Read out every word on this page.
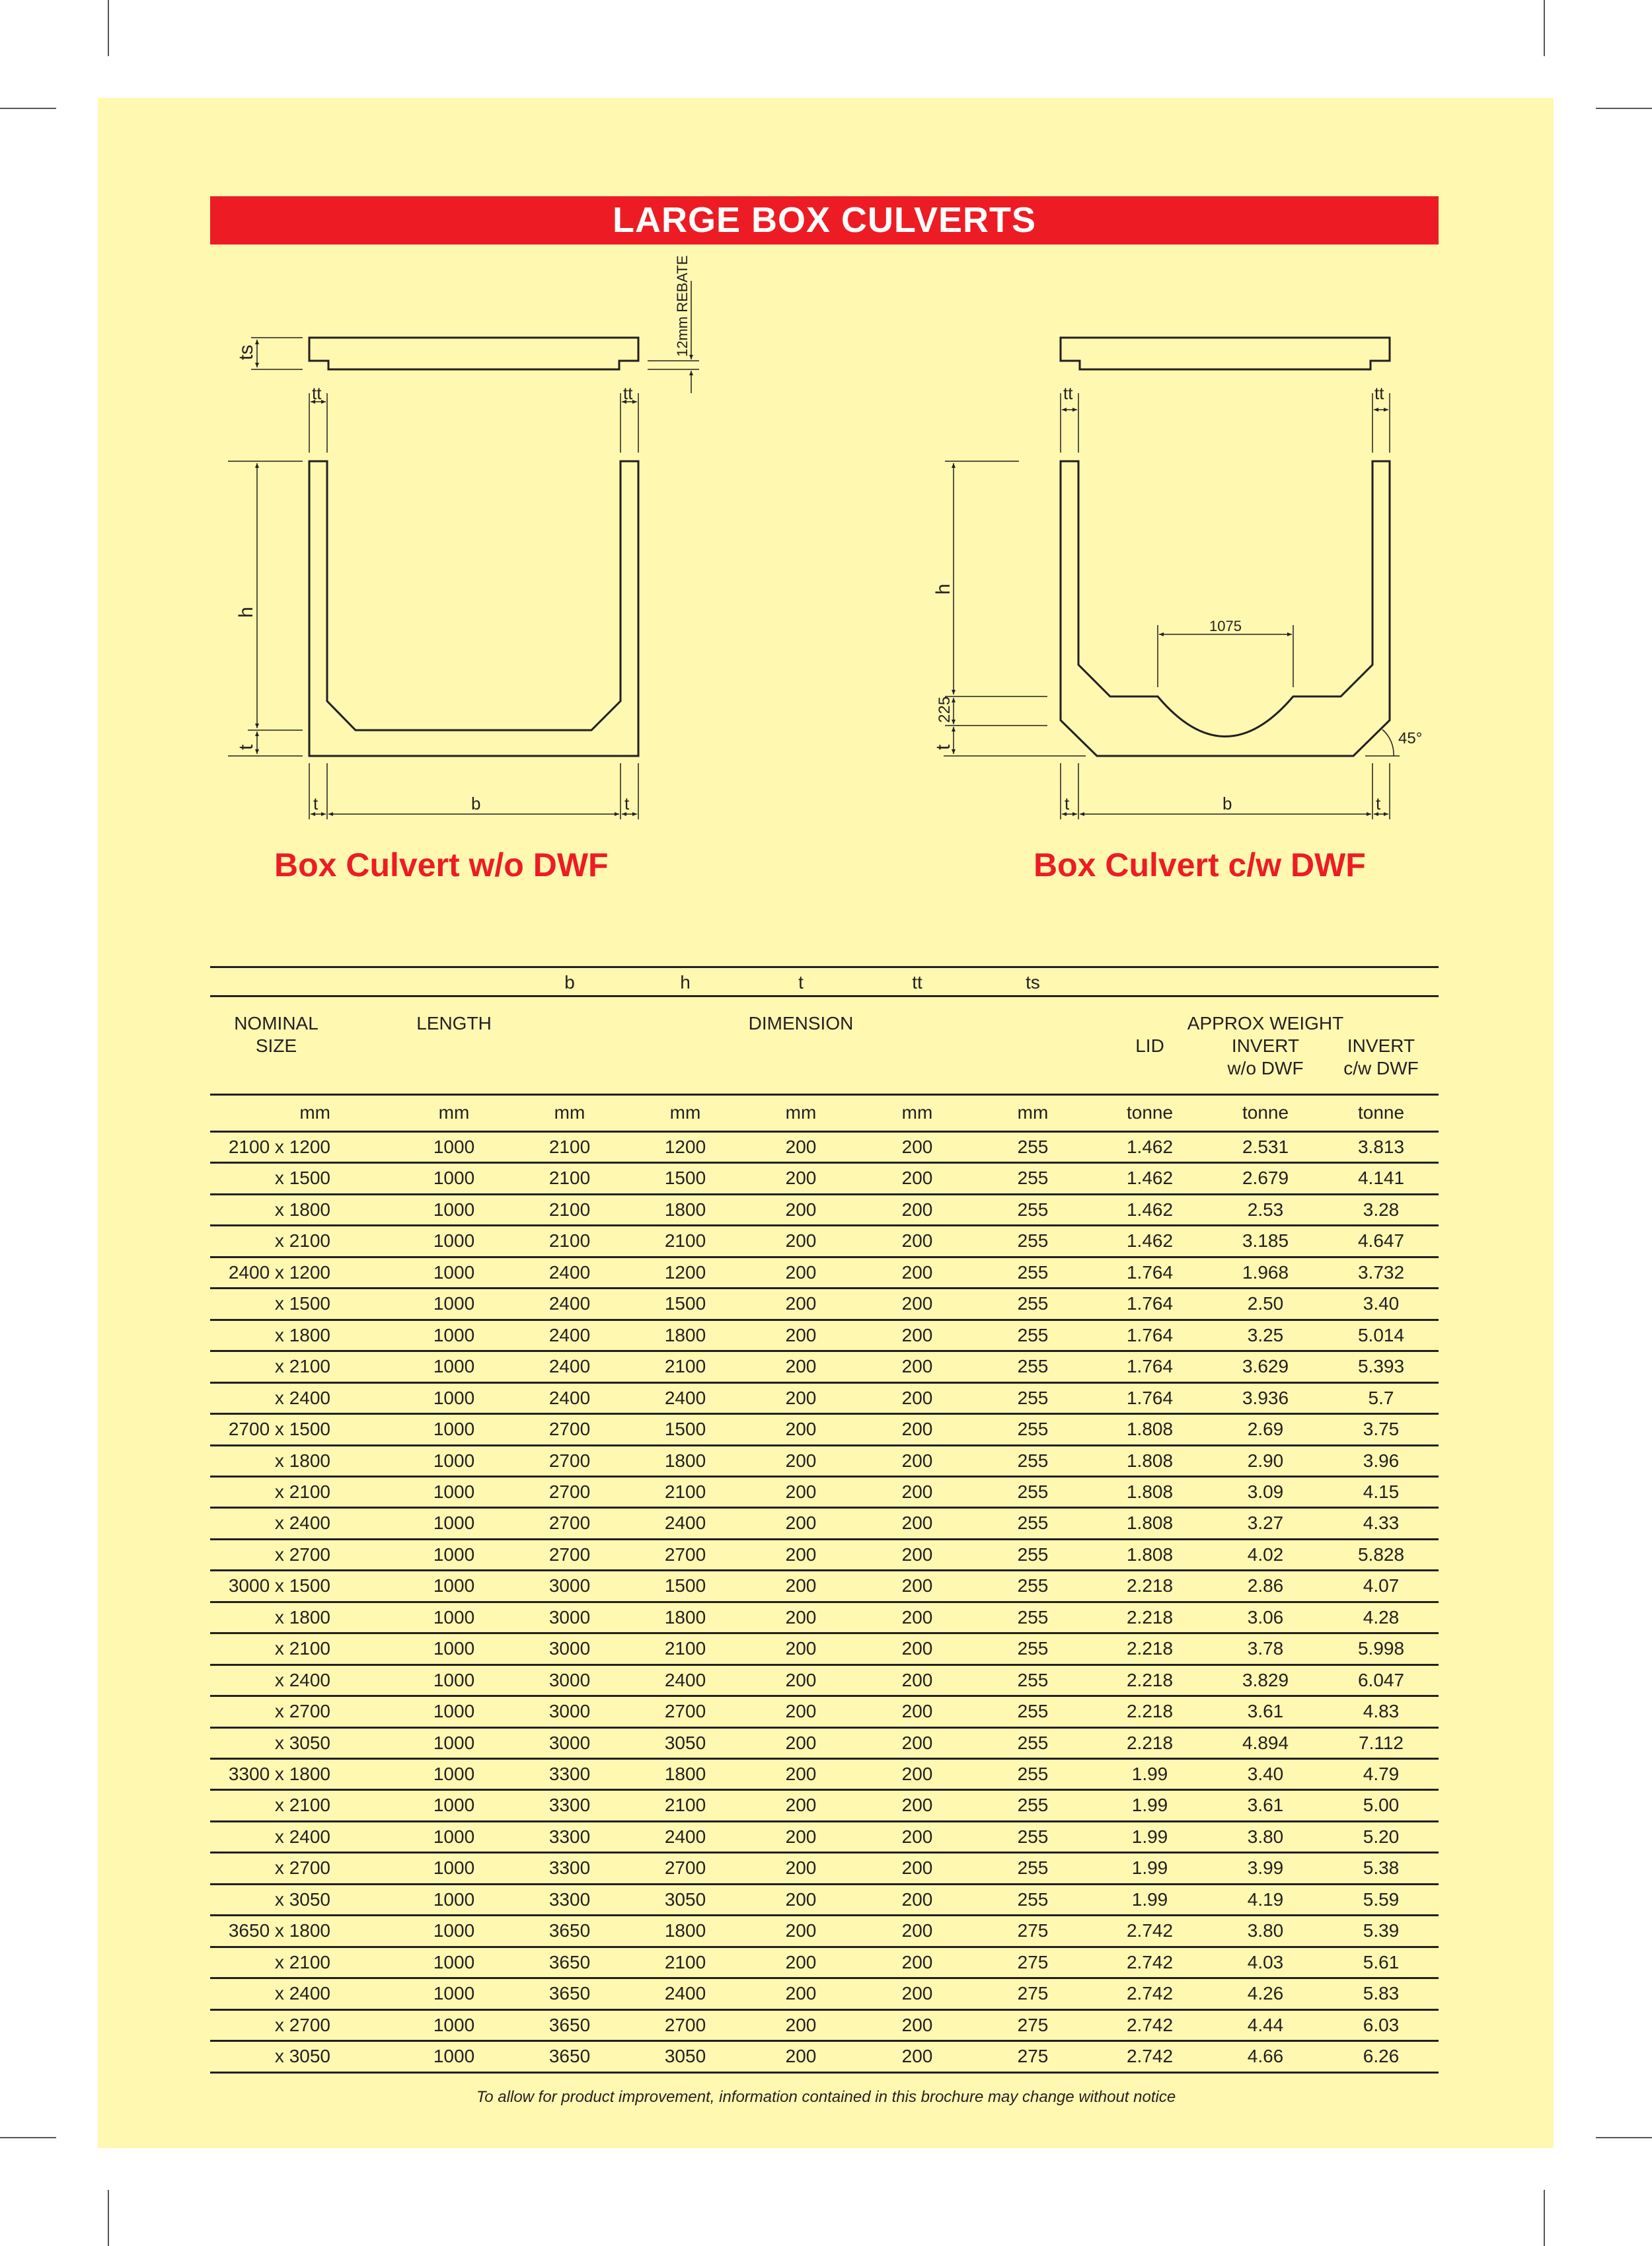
LARGE BOX CULVERTS
ts	12mm REBATE
tt	tt
h
t
t	b	t
tt	tt
h
225
t
1075
45°
t	b	t
Box Culvert w/o DWF	Box Culvert c/w DWF
b	h	t	tt	ts
NOMINAL
SIZE
LENGTH	DIMENSION	APPROX WEIGHT
LID	INVERT
w/o DWF
INVERT
c/w DWF
mm	mm	mm	mm	mm	mm	mm	tonne	tonne	tonne
2100 x 1200	1000	2100	1200	200	200	255	1.462	2.531	3.813
x 1500	1000	2100	1500	200	200	255	1.462	2.679	4.141
x 1800	1000	2100	1800	200	200	255	1.462	2.53	3.28
x 2100	1000	2100	2100	200	200	255	1.462	3.185	4.647
2400 x 1200	1000	2400	1200	200	200	255	1.764	1.968	3.732
x 1500	1000	2400	1500	200	200	255	1.764	2.50	3.40
x 1800	1000	2400	1800	200	200	255	1.764	3.25	5.014
x 2100	1000	2400	2100	200	200	255	1.764	3.629	5.393
x 2400	1000	2400	2400	200	200	255	1.764	3.936	5.7
2700 x 1500	1000	2700	1500	200	200	255	1.808	2.69	3.75
x 1800	1000	2700	1800	200	200	255	1.808	2.90	3.96
x 2100	1000	2700	2100	200	200	255	1.808	3.09	4.15
x 2400	1000	2700	2400	200	200	255	1.808	3.27	4.33
x 2700	1000	2700	2700	200	200	255	1.808	4.02	5.828
3000 x 1500	1000	3000	1500	200	200	255	2.218	2.86	4.07
x 1800	1000	3000	1800	200	200	255	2.218	3.06	4.28
x 2100	1000	3000	2100	200	200	255	2.218	3.78	5.998
x 2400	1000	3000	2400	200	200	255	2.218	3.829	6.047
x 2700	1000	3000	2700	200	200	255	2.218	3.61	4.83
x 3050	1000	3000	3050	200	200	255	2.218	4.894	7.112
3300 x 1800	1000	3300	1800	200	200	255	1.99	3.40	4.79
x 2100	1000	3300	2100	200	200	255	1.99	3.61	5.00
x 2400	1000	3300	2400	200	200	255	1.99	3.80	5.20
x 2700	1000	3300	2700	200	200	255	1.99	3.99	5.38
x 3050	1000	3300	3050	200	200	255	1.99	4.19	5.59
3650 x 1800	1000	3650	1800	200	200	275	2.742	3.80	5.39
x 2100	1000	3650	2100	200	200	275	2.742	4.03	5.61
x 2400	1000	3650	2400	200	200	275	2.742	4.26	5.83
x 2700	1000	3650	2700	200	200	275	2.742	4.44	6.03
x 3050	1000	3650	3050	200	200	275	2.742	4.66	6.26
To allow for product improvement, information contained in this brochure may change without notice
